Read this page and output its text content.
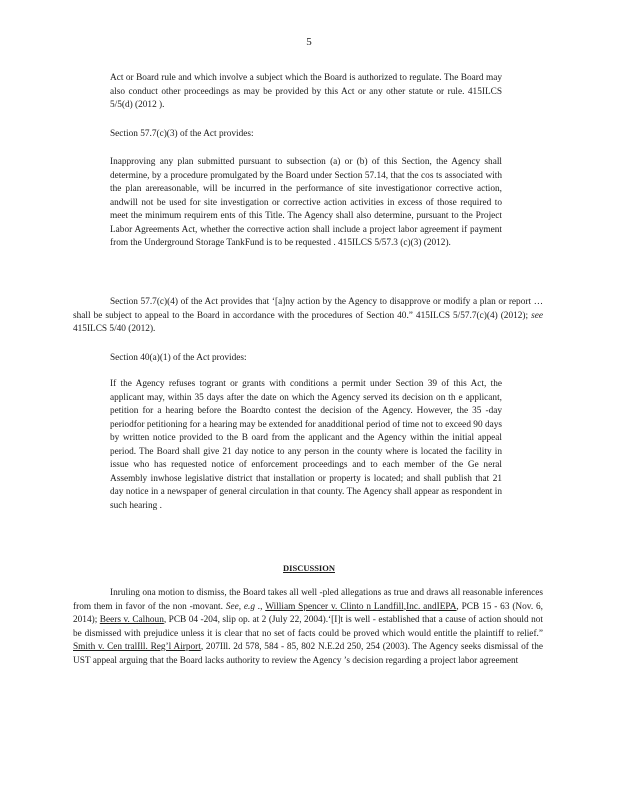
5

Act or Board rule and which involve a subject which the Board is authorized to regulate. The Board may also conduct other proceedings as may be provided by this Act or any other statute or rule. 415ILCS 5/5(d) (2012 ).

Section 57.7(c)(3) of the Act provides:

Inapproving any plan submitted pursuant to subsection (a) or (b) of this Section, the Agency shall determine, by a procedure promulgated by the Board under Section 57.14, that the cos ts associated with the plan arereasonable, will be incurred in the performance of site investigationor corrective action, andwill not be used for site investigation or corrective action activities in excess of those required to meet the minimum requirem ents of this Title. The Agency shall also determine, pursuant to the Project Labor Agreements Act, whether the corrective action shall include a project labor agreement if payment from the Underground Storage TankFund is to be requested . 415ILCS 5/57.3 (c)(3) (2012).

Section 57.7(c)(4) of the Act provides that ‘[a]ny action by the Agency to disapprove or modify a plan or report … shall be subject to appeal to the Board in accordance with the procedures of Section 40.” 415ILCS 5/57.7(c)(4) (2012); see 415ILCS 5/40 (2012).

Section 40(a)(1) of the Act provides:

If the Agency refuses togrant or grants with conditions a permit under Section 39 of this Act, the applicant may, within 35 days after the date on which the Agency served its decision on th e applicant, petition for a hearing before the Boardto contest the decision of the Agency. However, the 35 -day periodfor petitioning for a hearing may be extended for anadditional period of time not to exceed 90 days by written notice provided to the B oard from the applicant and the Agency within the initial appeal period. The Board shall give 21 day notice to any person in the county where is located the facility in issue who has requested notice of enforcement proceedings and to each member of the Ge neral Assembly inwhose legislative district that installation or property is located; and shall publish that 21 day notice in a newspaper of general circulation in that county. The Agency shall appear as respondent in such hearing .

DISCUSSION

Inruling ona motion to dismiss, the Board takes all well -pled allegations as true and draws all reasonable inferences from them in favor of the non -movant. See, e.g ., William Spencer v. Clinto n Landfill,Inc. andIEPA, PCB 15 - 63 (Nov. 6, 2014); Beers v. Calhoun, PCB 04 -204, slip op. at 2 (July 22, 2004).‘[I]t is well - established that a cause of action should not be dismissed with prejudice unless it is clear that no set of facts could be proved which would entitle the plaintiff to relief.” Smith v. Cen tralIll. Reg’l Airport, 207Ill. 2d 578, 584 - 85, 802 N.E.2d 250, 254 (2003). The Agency seeks dismissal of the UST appeal arguing that the Board lacks authority to review the Agency ’s decision regarding a project labor agreement
